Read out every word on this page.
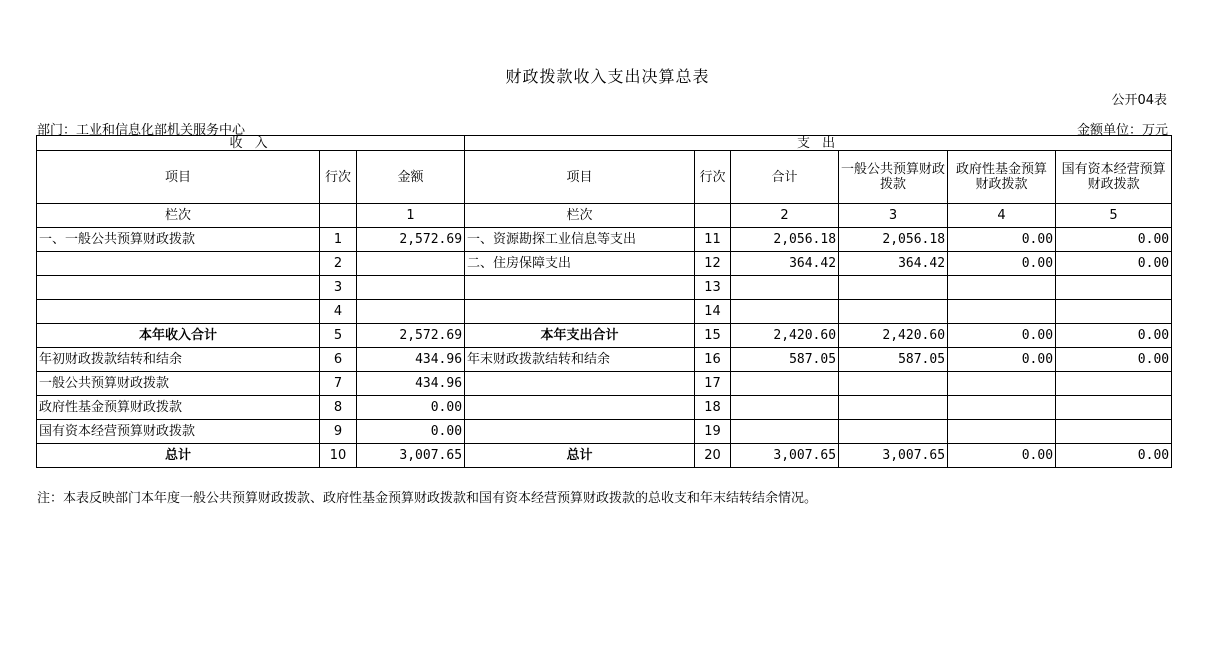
财政拨款收入支出决算总表
公开04表
部门：工业和信息化部机关服务中心	金额单位：万元
收 入			支 出					
项目	行次	金额	项目	行次	合计	一般公共预算财政拨款	政府性基金预算财政拨款	国有资本经营预算财政拨款
栏次		1	栏次		2	3	4	5
一、一般公共预算财政拨款	1	2,572.69	一、资源勘探工业信息等支出	11	2,056.18	2,056.18	0.00	0.00
	2		二、住房保障支出	12	364.42	364.42	0.00	0.00
	3			13				
	4			14				
本年收入合计	5	2,572.69	本年支出合计	15	2,420.60	2,420.60	0.00	0.00
年初财政拨款结转和结余	6	434.96	年末财政拨款结转和结余	16	587.05	587.05	0.00	0.00
一般公共预算财政拨款	7	434.96		17				
政府性基金预算财政拨款	8	0.00		18				
国有资本经营预算财政拨款	9	0.00		19				
总计	10	3,007.65	总计	20	3,007.65	3,007.65	0.00	0.00
注：本表反映部门本年度一般公共预算财政拨款、政府性基金预算财政拨款和国有资本经营预算财政拨款的总收支和年末结转结余情况。
